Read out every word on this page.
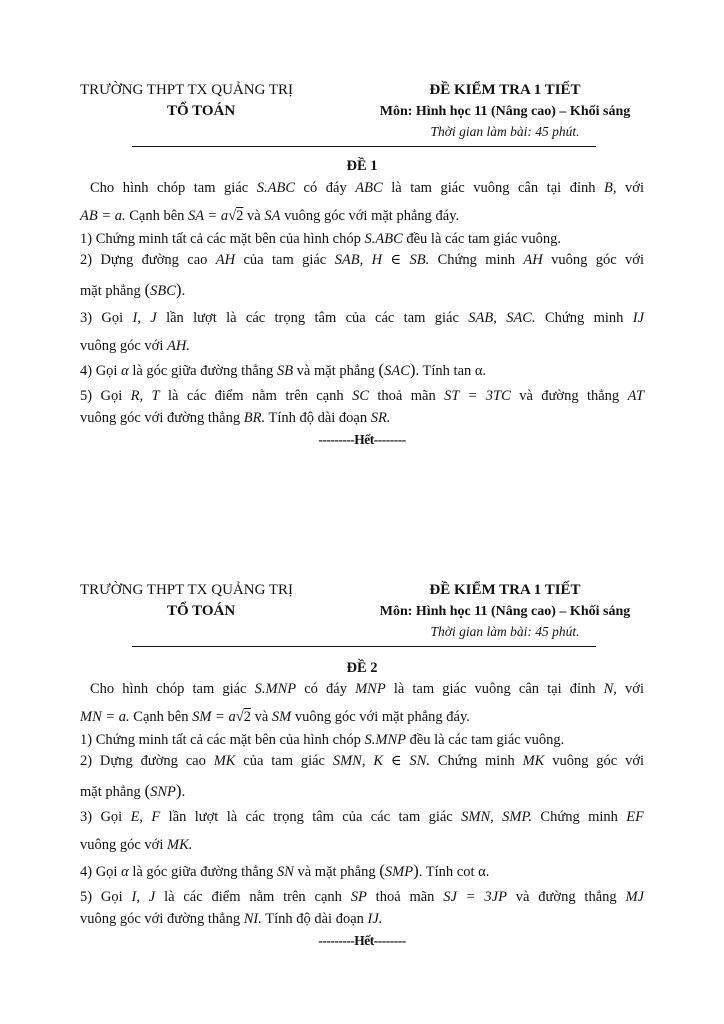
TRƯỜNG THPT TX QUẢNG TRỊ
TỔ TOÁN
ĐỀ KIỂM TRA 1 TIẾT
Môn: Hình học 11 (Nâng cao) – Khối sáng
Thời gian làm bài: 45 phút.
ĐỀ 1
Cho hình chóp tam giác S.ABC có đáy ABC là tam giác vuông cân tại đỉnh B, với
AB = a. Cạnh bên SA = a√2 và SA vuông góc với mặt phẳng đáy.
1) Chứng minh tất cả các mặt bên của hình chóp S.ABC đều là các tam giác vuông.
2) Dựng đường cao AH của tam giác SAB, H ∈ SB. Chứng minh AH vuông góc với
mặt phẳng (SBC).
3) Gọi I, J lần lượt là các trọng tâm của các tam giác SAB, SAC. Chứng minh IJ
vuông góc với AH.
4) Gọi α là góc giữa đường thẳng SB và mặt phẳng (SAC). Tính tan α.
5) Gọi R, T là các điểm nằm trên cạnh SC thoả mãn ST = 3TC và đường thẳng AT
vuông góc với đường thẳng BR. Tính độ dài đoạn SR.
---------Hết--------
TRƯỜNG THPT TX QUẢNG TRỊ
TỔ TOÁN
ĐỀ KIỂM TRA 1 TIẾT
Môn: Hình học 11 (Nâng cao) – Khối sáng
Thời gian làm bài: 45 phút.
ĐỀ 2
Cho hình chóp tam giác S.MNP có đáy MNP là tam giác vuông cân tại đỉnh N, với
MN = a. Cạnh bên SM = a√2 và SM vuông góc với mặt phẳng đáy.
1) Chứng minh tất cả các mặt bên của hình chóp S.MNP đều là các tam giác vuông.
2) Dựng đường cao MK của tam giác SMN, K ∈ SN. Chứng minh MK vuông góc với
mặt phẳng (SNP).
3) Gọi E, F lần lượt là các trọng tâm của các tam giác SMN, SMP. Chứng minh EF
vuông góc với MK.
4) Gọi α là góc giữa đường thẳng SN và mặt phẳng (SMP). Tính cot α.
5) Gọi I, J là các điểm nằm trên cạnh SP thoả mãn SJ = 3JP và đường thẳng MJ
vuông góc với đường thẳng NI. Tính độ dài đoạn IJ.
---------Hết--------
